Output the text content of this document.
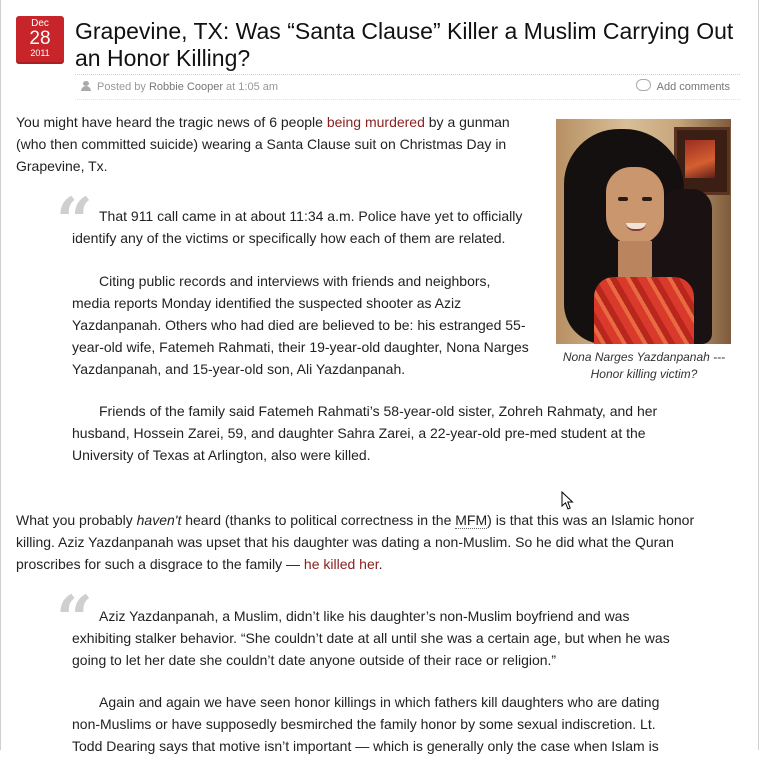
Dec
28
2011
Grapevine, TX: Was “Santa Clause” Killer a Muslim Carrying Out an Honor Killing?
Posted by Robbie Cooper at 1:05 am	Add comments

You might have heard the tragic news of 6 people being murdered by a gunman
(who then committed suicide) wearing a Santa Clause suit on Christmas Day in
Grapevine, Tx.

Nona Narges Yazdanpanah ---
Honor killing victim?
“ That 911 call came in at about 11:34 a.m. Police have yet to officially
identify any of the victims or specifically how each of them are related.

Citing public records and interviews with friends and neighbors,
media reports Monday identified the suspected shooter as Aziz
Yazdanpanah. Others who had died are believed to be: his estranged 55-
year-old wife, Fatemeh Rahmati, their 19-year-old daughter, Nona Narges
Yazdanpanah, and 15-year-old son, Ali Yazdanpanah.

Friends of the family said Fatemeh Rahmati’s 58-year-old sister, Zohreh Rahmaty, and her
husband, Hossein Zarei, 59, and daughter Sahra Zarei, a 22-year-old pre-med student at the
University of Texas at Arlington, also were killed.

What you probably haven't heard (thanks to political correctness in the MFM) is that this was an Islamic honor
killing. Aziz Yazdanpanah was upset that his daughter was dating a non-Muslim. So he did what the Quran
proscribes for such a disgrace to the family — he killed her.

“ Aziz Yazdanpanah, a Muslim, didn’t like his daughter’s non-Muslim boyfriend and was
exhibiting stalker behavior. “She couldn’t date at all until she was a certain age, but when he was
going to let her date she couldn’t date anyone outside of their race or religion.”

Again and again we have seen honor killings in which fathers kill daughters who are dating
non-Muslims or have supposedly besmirched the family honor by some sexual indiscretion. Lt.
Todd Dearing says that motive isn’t important — which is generally only the case when Islam is
